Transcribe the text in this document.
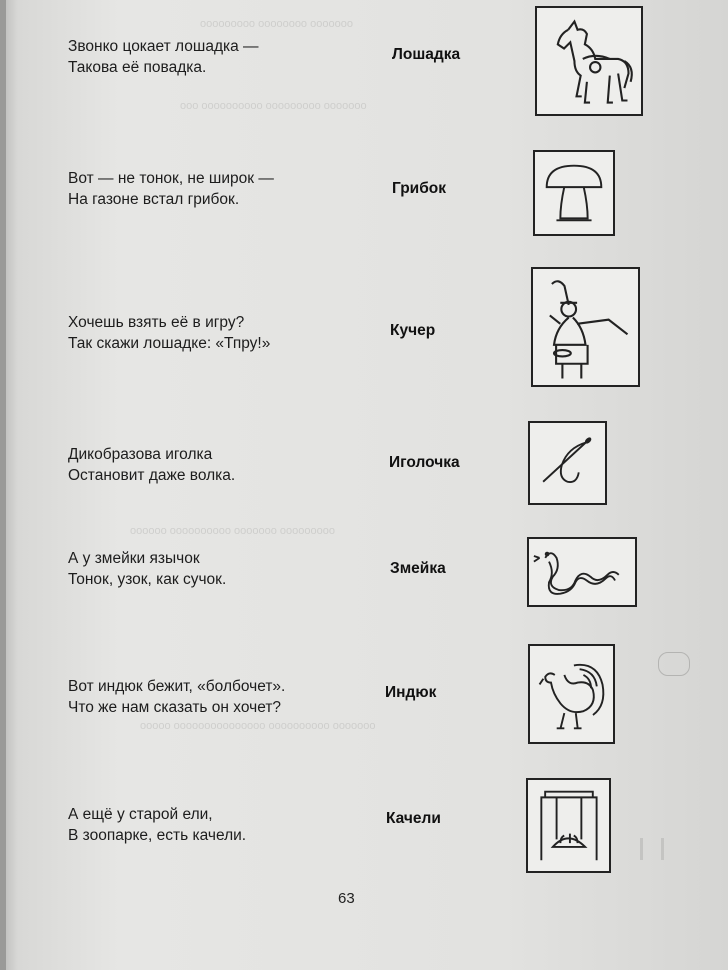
ооооооо оооооооо ооооооооо
ооооооо ооооооооо оооооооооо ооо
ооооооооо ооооооо оооооооооо оооооо
ооооооо оооооооооо ооооооооооооооо ооооо
Звонко цокает лошадка —
Такова её повадка.
Лошадка
Вот — не тонок, не широк —
На газоне встал грибок.
Грибок
Хочешь взять её в игру?
Так скажи лошадке: «Тпру!»
Кучер
Дикобразова иголка
Остановит даже волка.
Иголочка
А у змейки язычок
Тонок, узок, как сучок.
Змейка
Вот индюк бежит, «болбочет».
Что же нам сказать он хочет?
Индюк
А ещё у старой ели,
В зоопарке, есть качели.
Качели
63
